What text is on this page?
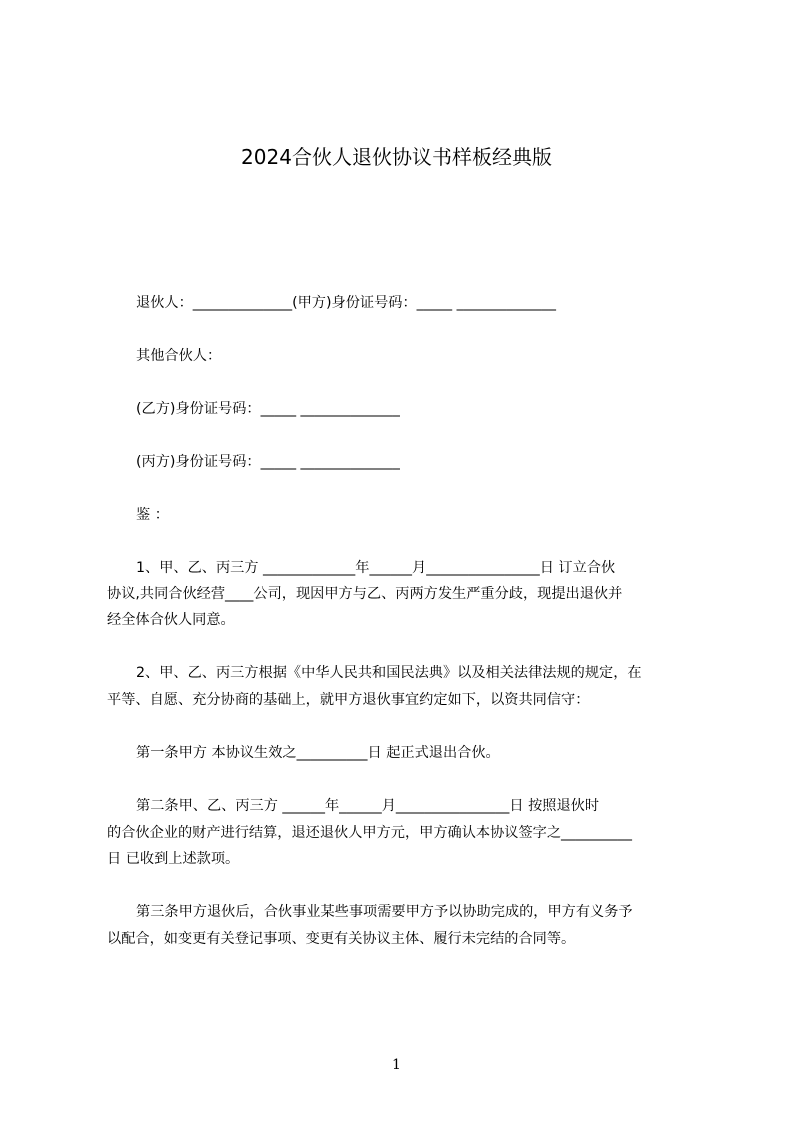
2024合伙人退伙协议书样板经典版
退伙人：______________(甲方)身份证号码：_____ ______________
其他合伙人：
(乙方)身份证号码：_____ ______________
(丙方)身份证号码：_____ ______________
鉴 ：
1、甲、乙、丙三方 _____________年______月________________日 订立合伙
协议,共同合伙经营____公司，现因甲方与乙、丙两方发生严重分歧，现提出退伙并
经全体合伙人同意。
2、甲、乙、丙三方根据《中华人民共和国民法典》以及相关法律法规的规定，在
平等、自愿、充分协商的基础上，就甲方退伙事宜约定如下，以资共同信守：
第一条甲方 本协议生效之__________日 起正式退出合伙。
第二条甲、乙、丙三方 ______年______月________________日 按照退伙时
的合伙企业的财产进行结算，退还退伙人甲方元，甲方确认本协议签字之__________
日 已收到上述款项。
第三条甲方退伙后，合伙事业某些事项需要甲方予以协助完成的，甲方有义务予
以配合，如变更有关登记事项、变更有关协议主体、履行未完结的合同等。
1
